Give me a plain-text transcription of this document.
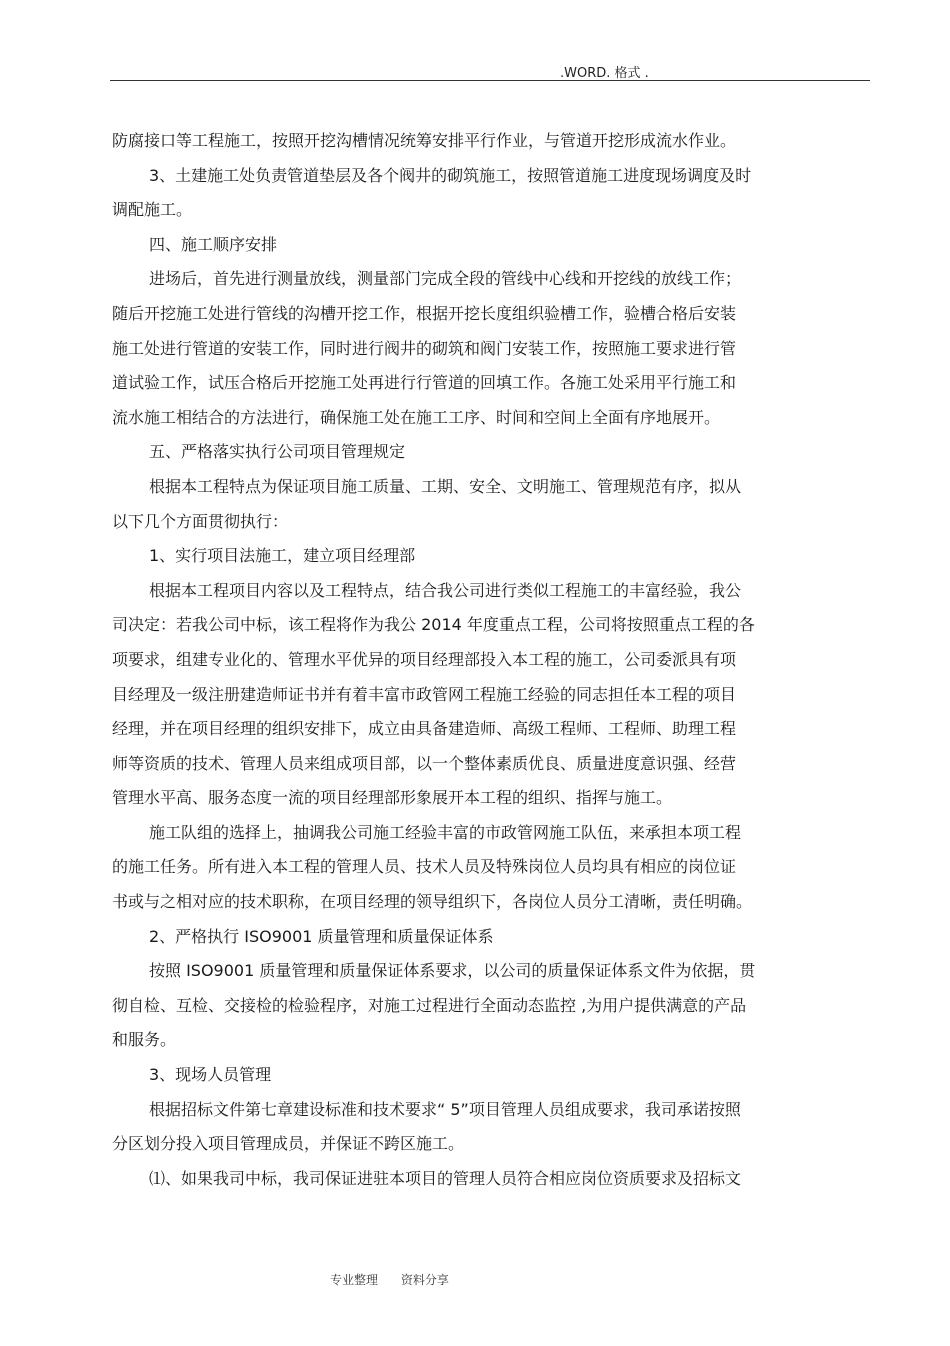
.WORD. 格式 .
防腐接口等工程施工，按照开挖沟槽情况统筹安排平行作业，与管道开挖形成流水作业。
3、土建施工处负责管道垫层及各个阀井的砌筑施工，按照管道施工进度现场调度及时
调配施工。
四、施工顺序安排
进场后，首先进行测量放线，测量部门完成全段的管线中心线和开挖线的放线工作；
随后开挖施工处进行管线的沟槽开挖工作，根据开挖长度组织验槽工作，验槽合格后安装
施工处进行管道的安装工作，同时进行阀井的砌筑和阀门安装工作，按照施工要求进行管
道试验工作，试压合格后开挖施工处再进行行管道的回填工作。各施工处采用平行施工和
流水施工相结合的方法进行，确保施工处在施工工序、时间和空间上全面有序地展开。
五、严格落实执行公司项目管理规定
根据本工程特点为保证项目施工质量、工期、安全、文明施工、管理规范有序，拟从
以下几个方面贯彻执行：
1、实行项目法施工，建立项目经理部
根据本工程项目内容以及工程特点，结合我公司进行类似工程施工的丰富经验，我公
司决定：若我公司中标，该工程将作为我公 2014 年度重点工程，公司将按照重点工程的各
项要求，组建专业化的、管理水平优异的项目经理部投入本工程的施工，公司委派具有项
目经理及一级注册建造师证书并有着丰富市政管网工程施工经验的同志担任本工程的项目
经理，并在项目经理的组织安排下，成立由具备建造师、高级工程师、工程师、助理工程
师等资质的技术、管理人员来组成项目部，以一个整体素质优良、质量进度意识强、经营
管理水平高、服务态度一流的项目经理部形象展开本工程的组织、指挥与施工。
施工队组的选择上，抽调我公司施工经验丰富的市政管网施工队伍，来承担本项工程
的施工任务。所有进入本工程的管理人员、技术人员及特殊岗位人员均具有相应的岗位证
书或与之相对应的技术职称，在项目经理的领导组织下，各岗位人员分工清晰，责任明确。
2、严格执行 ISO9001 质量管理和质量保证体系
按照 ISO9001 质量管理和质量保证体系要求，以公司的质量保证体系文件为依据，贯
彻自检、互检、交接检的检验程序，对施工过程进行全面动态监控 ,为用户提供满意的产品
和服务。
3、现场人员管理
根据招标文件第七章建设标准和技术要求“ 5”项目管理人员组成要求，我司承诺按照
分区划分投入项目管理成员，并保证不跨区施工。
⑴、如果我司中标，我司保证进驻本项目的管理人员符合相应岗位资质要求及招标文
专业整理      资料分享
